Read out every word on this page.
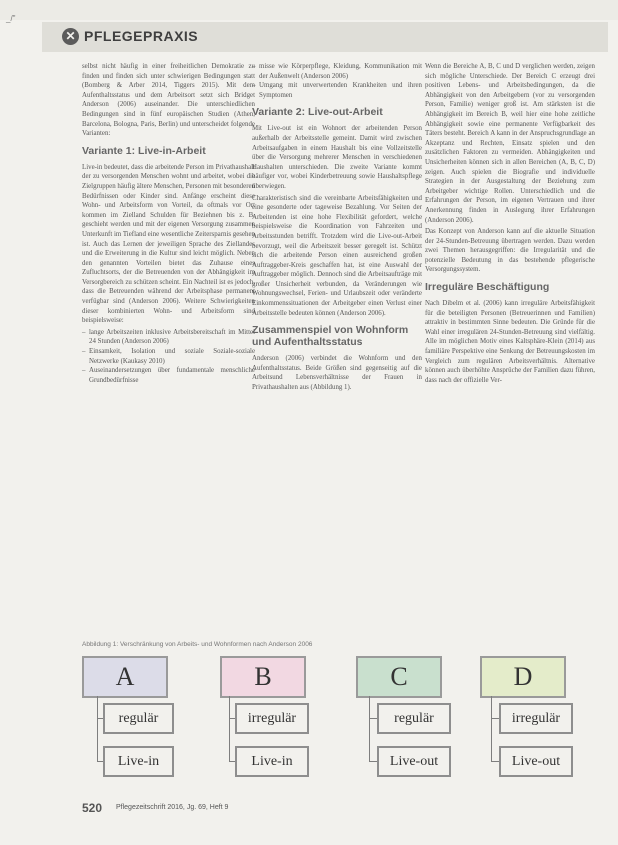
_/"
✕ PFLEGEPRAXIS

selbst nicht häufig in einer freiheitlichen Demokratie zu finden und finden sich unter schwierigen Bedingungen statt (Bomberg & Arber 2014, Tiggers 2015). Mit dem Aufenthaltsstatus und dem Arbeitsort setzt sich Bridget Anderson (2006) auseinander. Die unterschiedlichen Bedingungen sind in fünf europäischen Studien (Athen, Barcelona, Bologna, Paris, Berlin) und unterscheidet folgende Varianten:

Variante 1: Live-in-Arbeit

Live-in bedeutet, dass die arbeitende Person im Privathaushalt der zu versorgenden Menschen wohnt und arbeitet, wobei die Zielgruppen häufig ältere Menschen, Personen mit besonderen Bedürfnissen oder Kinder sind. Anfänge erscheint diese Wohn- und Arbeitsform von Vorteil, da oftmals vor Ort kommen im Zielland Schulden für Beziehnen bis z. B. geschieht werden und mit der eigenen Versorgung zusammen Unterkunft im Tiefland eine wesentliche Zeitersparnis gesehen ist. Auch das Lernen der jeweiligen Sprache des Ziellandes und die Erweiterung in die Kultur sind leicht möglich. Neben den genannten Vorteilen bietet das Zuhause eines Zufluchtsorts, der die Betreuenden von der Abhängigkeit im Versorgbereich zu schützen scheint. Ein Nachteil ist es jedoch, dass die Betreuenden während der Arbeitsphase permanent verfügbar sind (Anderson 2006). Weitere Schwierigkeiten dieser kombinierten Wohn- und Arbeitsform sind beispielsweise:

– lange Arbeitszeiten inklusive Arbeitsbereitschaft im Mittel 24 Stunden (Anderson 2006)
– Einsamkeit, Isolation und soziale Soziale-soziale Netzwerke (Kaukasy 2010)
– Auseinandersetzungen über fundamentale menschliche Grundbedürfnisse
– misse wie Körperpflege, Kleidung, Kommunikation mit der Außenwelt (Anderson 2006)
– Umgang mit unverwertenden Krankheiten und ihren Symptomen
Variante 2: Live-out-Arbeit

Mit Live-out ist ein Wohnort der arbeitenden Person außerhalb der Arbeitsstelle gemeint. Damit wird zwischen Arbeitsaufgaben in einem Haushalt bis eine Vollzeitstelle über die Versorgung mehrerer Menschen in verschiedenen Haushalten unterschieden. Die zweite Variante kommt häufiger vor, wobei Kinderbetreuung sowie Haushaltspflege überwiegen.

Charakteristisch sind die vereinbarte Arbeitsfähigkeiten und eine gesonderte oder tageweise Bezahlung. Vor Seiten der Arbeitenden ist eine hohe Flexibilität gefordert, welche beispielsweise die Koordination von Fahrzeiten und Arbeitsstunden betrifft. Trotzdem wird die Live-out-Arbeit bevorzugt, weil die Arbeitszeit besser geregelt ist. Schützt sich die arbeitende Person einen ausreichend großen Auftraggeber-Kreis geschaffen hat, ist eine Auswahl der Auftraggeber möglich. Dennoch sind die Arbeitsaufträge mit großer Unsicherheit verbunden, da Veränderungen wie Wohnungswechsel, Ferien- und Urlaubszeit oder veränderte Einkommenssituationen der Arbeitgeber einen Verlust einer Arbeitsstelle bedeuten können (Anderson 2006).

Zusammenspiel von Wohnform und Aufenthaltsstatus

Anderson (2006) verbindet die Wohnform und den Aufenthaltsstatus. Beide Größen sind gegenseitig auf die Arbeitsund Lebensverhältnisse der Frauen in Privathaushalten aus (Abbildung 1).

Wenn die Bereiche A, B, C und D verglichen werden, zeigen sich mögliche Unterschiede. Der Bereich C erzeugt drei positiven Lebens- und Arbeitsbedingungen, da die Abhängigkeit von den Arbeitgebern (vor zu versorgenden Person, Familie) weniger groß ist. Am stärksten ist die Abhängigkeit im Bereich B, weil hier eine hohe zeitliche Abhängigkeit sowie eine permanente Verfügbarkeit des Täters besteht. Bereich A kann in der Anspruchsgrundlage an Akzeptanz und Rechten, Einsatz spielen und den zusätzlichen Faktoren zu vermeiden. Abhängigkeiten und Unsicherheiten können sich in allen Bereichen (A, B, C, D) zeigen. Auch spielen die Biografie und individuelle Strategien in der Ausgestaltung der Beziehung zum Arbeitgeber wichtige Rollen. Unterschiedlich und die Erfahrungen der Person, im eigenen Vertrauen und ihrer Anerkennung finden in Auslegung ihrer Erfahrungen (Anderson 2006).

Das Konzept von Anderson kann auf die aktuelle Situation der 24-Stunden-Betreuung übertragen werden. Dazu werden zwei Themen herausgegriffen: die Irregularität und die potenzielle Bedeutung in das bestehende pflegerische Versorgungssystem.

Irreguläre Beschäftigung

Nach Dibelm et al. (2006) kann irreguläre Arbeitsfähigkeit für die beteiligten Personen (Betreuerinnen und Familien) attraktiv in bestimmten Sinne bedeuten. Die Gründe für die Wahl einer irregulären 24-Stunden-Betreuung sind vielfältig. Alle im möglichen Motiv eines Kaltsphäre-Klein (2014) aus familiäre Perspektive eine Senkung der Betreuungskosten im Vergleich zum regulären Arbeitsverhältnis. Alternative können auch überhöhte Ansprüche der Familien dazu führen, dass nach der offizielle Ver-

Abbildung 1: Verschränkung von Arbeits- und Wohnformen nach Anderson 2006
A
regulär
Live-in
B
irregulär
Live-in
C
regulär
Live-out
D
irregulär
Live-out
520 Pflegezeitschrift 2016, Jg. 69, Heft 9
